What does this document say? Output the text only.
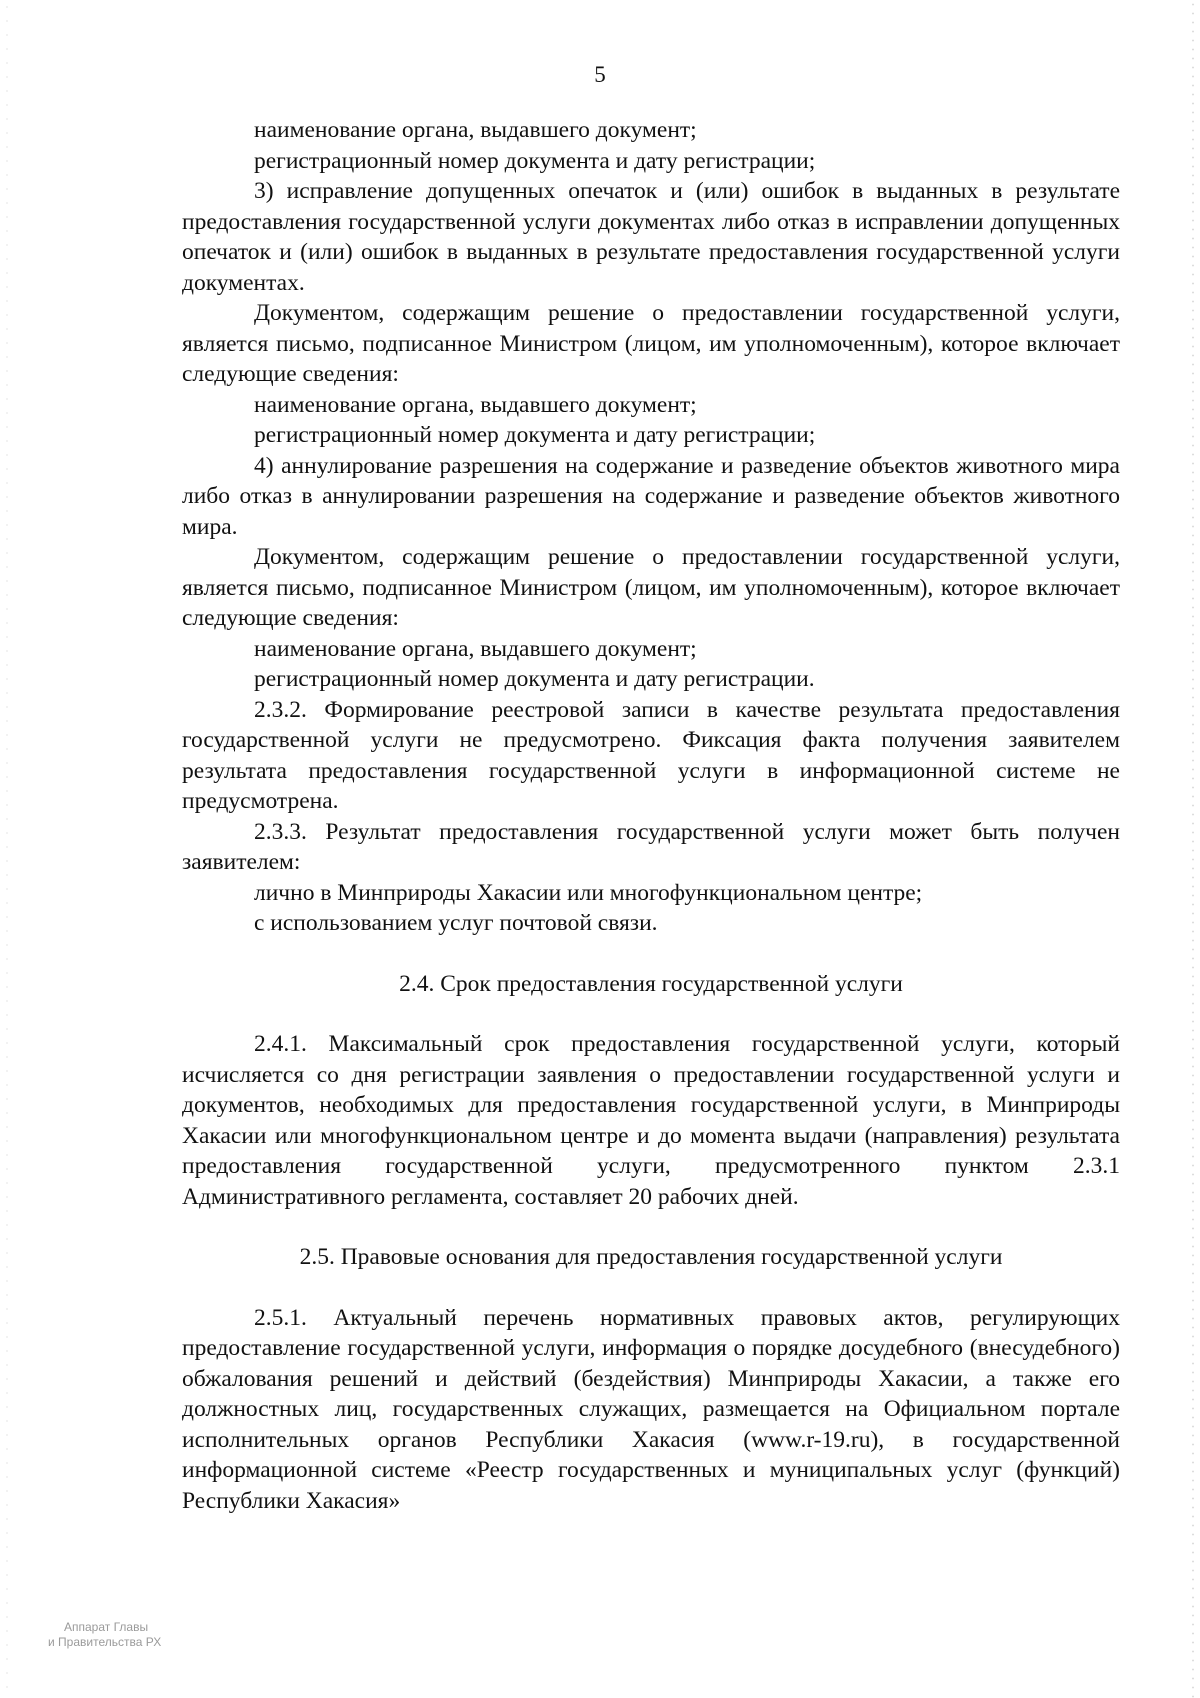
5

наименование органа, выдавшего документ;

регистрационный номер документа и дату регистрации;

3) исправление допущенных опечаток и (или) ошибок в выданных в результате предоставления государственной услуги документах либо отказ в исправлении допущенных опечаток и (или) ошибок в выданных в результате предоставления государственной услуги документах.

Документом, содержащим решение о предоставлении государственной услуги, является письмо, подписанное Министром (лицом, им уполномоченным), которое включает следующие сведения:

наименование органа, выдавшего документ;

регистрационный номер документа и дату регистрации;

4) аннулирование разрешения на содержание и разведение объектов животного мира либо отказ в аннулировании разрешения на содержание и разведение объектов животного мира.

Документом, содержащим решение о предоставлении государственной услуги, является письмо, подписанное Министром (лицом, им уполномоченным), которое включает следующие сведения:

наименование органа, выдавшего документ;

регистрационный номер документа и дату регистрации.

2.3.2. Формирование реестровой записи в качестве результата предоставления государственной услуги не предусмотрено. Фиксация факта получения заявителем результата предоставления государственной услуги в информационной системе не предусмотрена.

2.3.3. Результат предоставления государственной услуги может быть получен заявителем:

лично в Минприроды Хакасии или многофункциональном центре;

с использованием услуг почтовой связи.

2.4. Срок предоставления государственной услуги

2.4.1. Максимальный срок предоставления государственной услуги, который исчисляется со дня регистрации заявления о предоставлении государственной услуги и документов, необходимых для предоставления государственной услуги, в Минприроды Хакасии или многофункциональном центре и до момента выдачи (направления) результата предоставления государственной услуги, предусмотренного пунктом 2.3.1 Административного регламента, составляет 20 рабочих дней.

2.5. Правовые основания для предоставления государственной услуги

2.5.1. Актуальный перечень нормативных правовых актов, регулирующих предоставление государственной услуги, информация о порядке досудебного (внесудебного) обжалования решений и действий (бездействия) Минприроды Хакасии, а также его должностных лиц, государственных служащих, размещается на Официальном портале исполнительных органов Республики Хакасия (www.r-19.ru), в государственной информационной системе «Реестр государственных и муниципальных услуг (функций) Республики Хакасия»

Аппарат Главы
и Правительства РХ
